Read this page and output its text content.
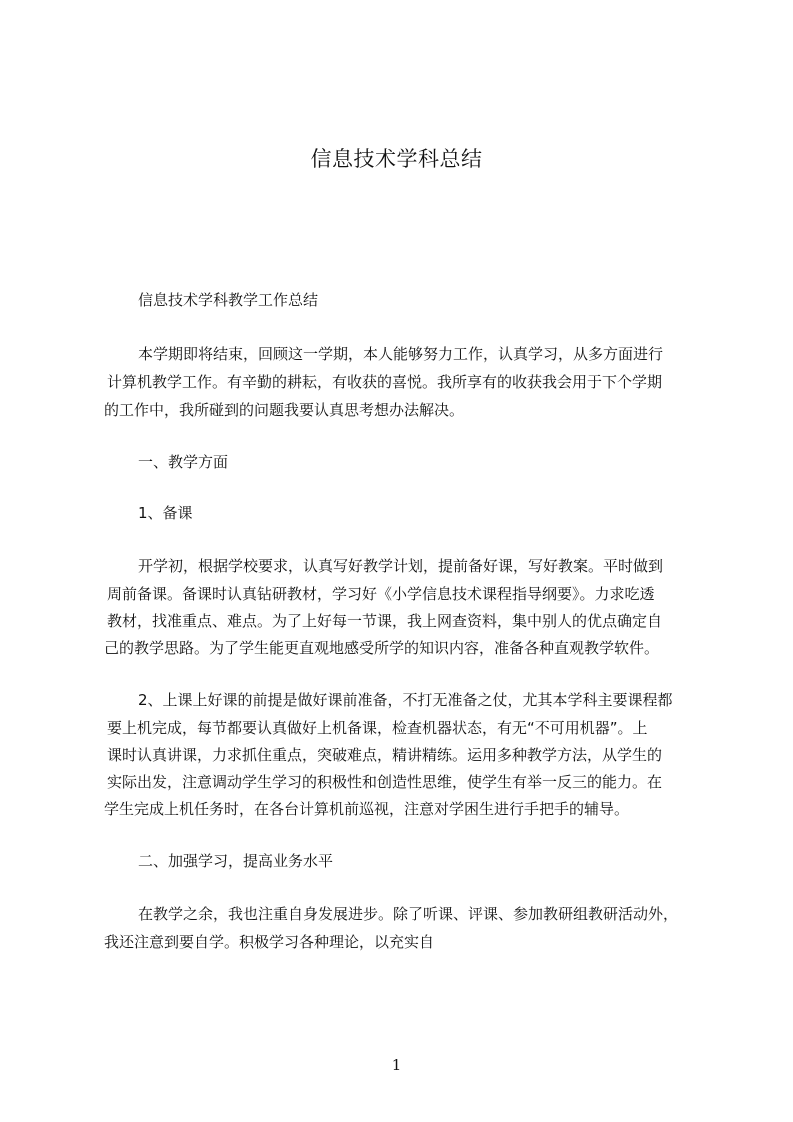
信息技术学科总结

信息技术学科教学工作总结

本学期即将结束，回顾这一学期，本人能够努力工作，认真学习，从多方面进行

计算机教学工作。有辛勤的耕耘，有收获的喜悦。我所享有的收获我会用于下个学期

的工作中，我所碰到的问题我要认真思考想办法解决。

一、教学方面

1、备课

开学初，根据学校要求，认真写好教学计划，提前备好课，写好教案。平时做到

周前备课。备课时认真钻研教材，学习好《小学信息技术课程指导纲要》。力求吃透

教材，找准重点、难点。为了上好每一节课，我上网查资料，集中别人的优点确定自

己的教学思路。为了学生能更直观地感受所学的知识内容，准备各种直观教学软件。

2、上课上好课的前提是做好课前准备，不打无准备之仗，尤其本学科主要课程都

要上机完成，每节都要认真做好上机备课，检查机器状态，有无“不可用机器”。上

课时认真讲课，力求抓住重点，突破难点，精讲精练。运用多种教学方法，从学生的

实际出发，注意调动学生学习的积极性和创造性思维，使学生有举一反三的能力。在

学生完成上机任务时，在各台计算机前巡视，注意对学困生进行手把手的辅导。

二、加强学习，提高业务水平

在教学之余，我也注重自身发展进步。除了听课、评课、参加教研组教研活动外，

我还注意到要自学。积极学习各种理论，以充实自

1
